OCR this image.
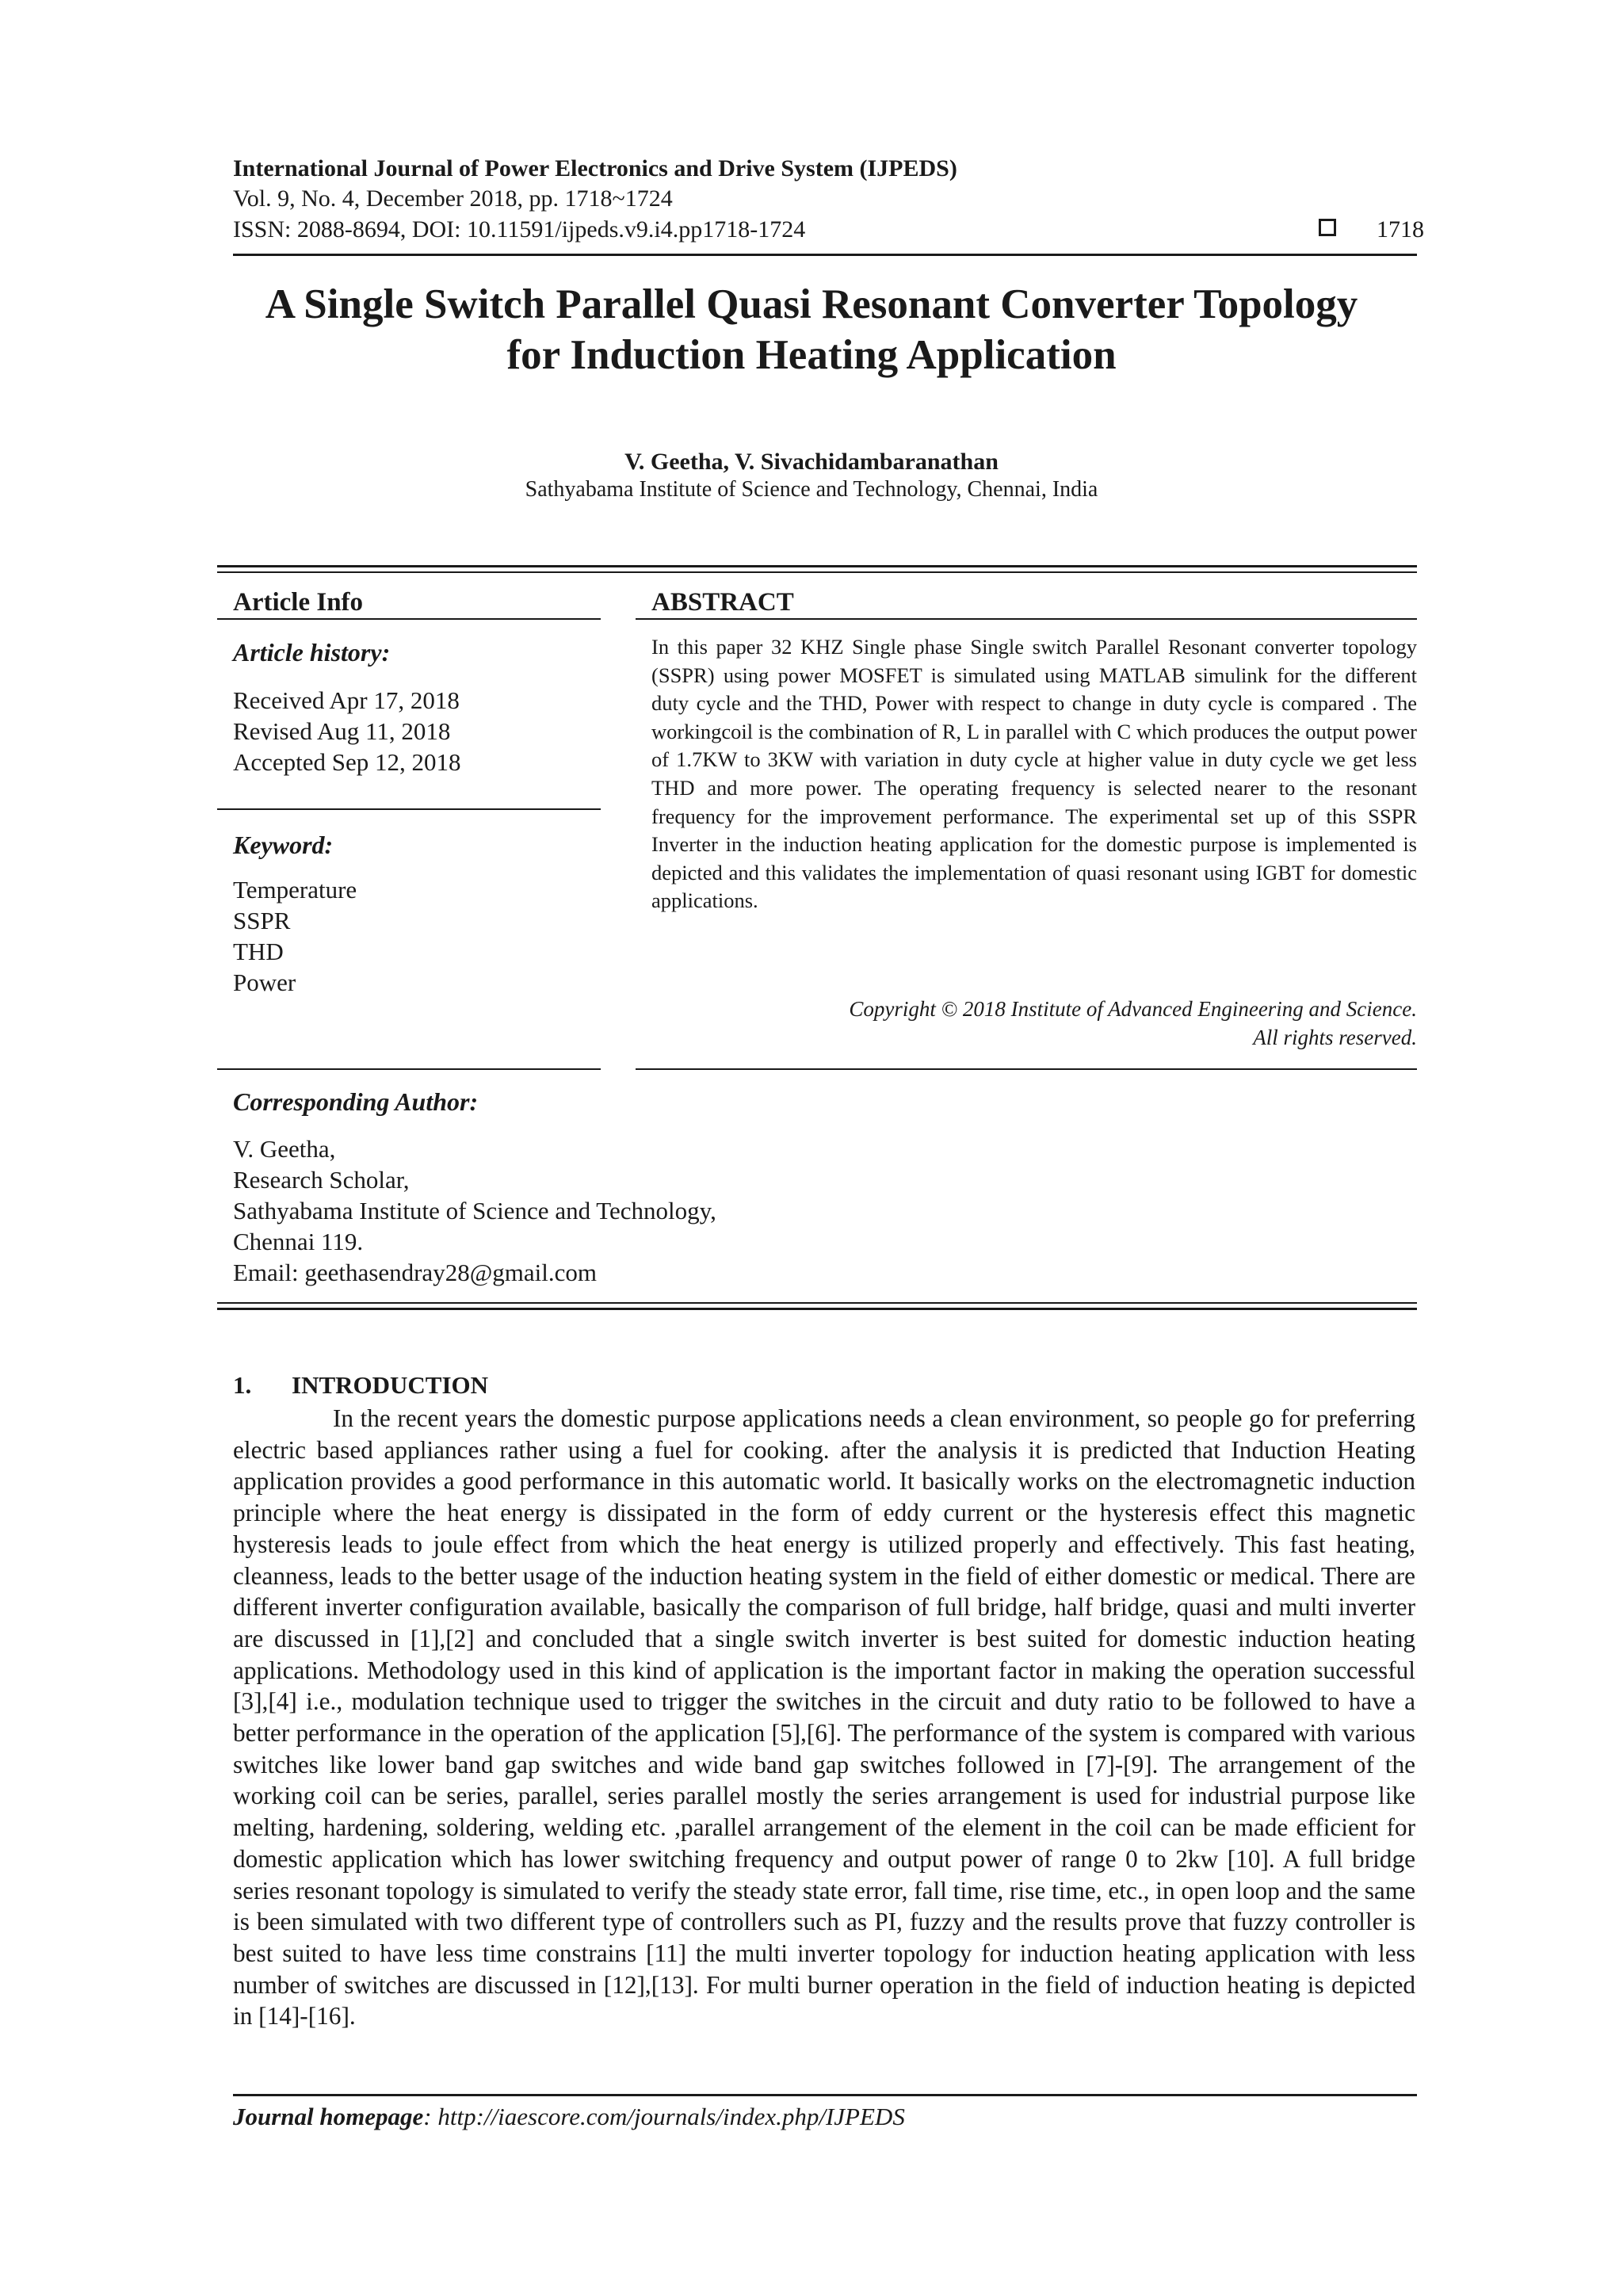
International Journal of Power Electronics and Drive System (IJPEDS)
Vol. 9, No. 4, December 2018, pp. 1718~1724
ISSN: 2088-8694, DOI: 10.11591/ijpeds.v9.i4.pp1718-1724	1718
A Single Switch Parallel Quasi Resonant Converter Topology
for Induction Heating Application
V. Geetha, V. Sivachidambaranathan
Sathyabama Institute of Science and Technology, Chennai, India
Article Info
Article history:
Received Apr 17, 2018
Revised Aug 11, 2018
Accepted Sep 12, 2018
Keyword:
Temperature
SSPR
THD
Power
ABSTRACT

In this paper 32 KHZ Single phase Single switch Parallel Resonant converter topology (SSPR) using power MOSFET is simulated using MATLAB simulink for the different duty cycle and the THD, Power with respect to change in duty cycle is compared . The workingcoil is the combination of R, L in parallel with C which produces the output power of 1.7KW to 3KW with variation in duty cycle at higher value in duty cycle we get less THD and more power. The operating frequency is selected nearer to the resonant frequency for the improvement performance. The experimental set up of this SSPR Inverter in the induction heating application for the domestic purpose is implemented is depicted and this validates the implementation of quasi resonant using IGBT for domestic applications.

Copyright © 2018 Institute of Advanced Engineering and Science.
All rights reserved.
Corresponding Author:
V. Geetha,
Research Scholar,
Sathyabama Institute of Science and Technology,
Chennai 119.
Email: geethasendray28@gmail.com
1. INTRODUCTION

In the recent years the domestic purpose applications needs a clean environment, so people go for preferring electric based appliances rather using a fuel for cooking. after the analysis it is predicted that Induction Heating application provides a good performance in this automatic world. It basically works on the electromagnetic induction principle where the heat energy is dissipated in the form of eddy current or the hysteresis effect this magnetic hysteresis leads to joule effect from which the heat energy is utilized properly and effectively. This fast heating, cleanness, leads to the better usage of the induction heating system in the field of either domestic or medical. There are different inverter configuration available, basically the comparison of full bridge, half bridge, quasi and multi inverter are discussed in [1],[2] and concluded that a single switch inverter is best suited for domestic induction heating applications. Methodology used in this kind of application is the important factor in making the operation successful [3],[4] i.e., modulation technique used to trigger the switches in the circuit and duty ratio to be followed to have a better performance in the operation of the application [5],[6]. The performance of the system is compared with various switches like lower band gap switches and wide band gap switches followed in [7]-[9]. The arrangement of the working coil can be series, parallel, series parallel mostly the series arrangement is used for industrial purpose like melting, hardening, soldering, welding etc. ,parallel arrangement of the element in the coil can be made efficient for domestic application which has lower switching frequency and output power of range 0 to 2kw [10]. A full bridge series resonant topology is simulated to verify the steady state error, fall time, rise time, etc., in open loop and the same is been simulated with two different type of controllers such as PI, fuzzy and the results prove that fuzzy controller is best suited to have less time constrains [11] the multi inverter topology for induction heating application with less number of switches are discussed in [12],[13]. For multi burner operation in the field of induction heating is depicted in [14]-[16].

Journal homepage: http://iaescore.com/journals/index.php/IJPEDS
